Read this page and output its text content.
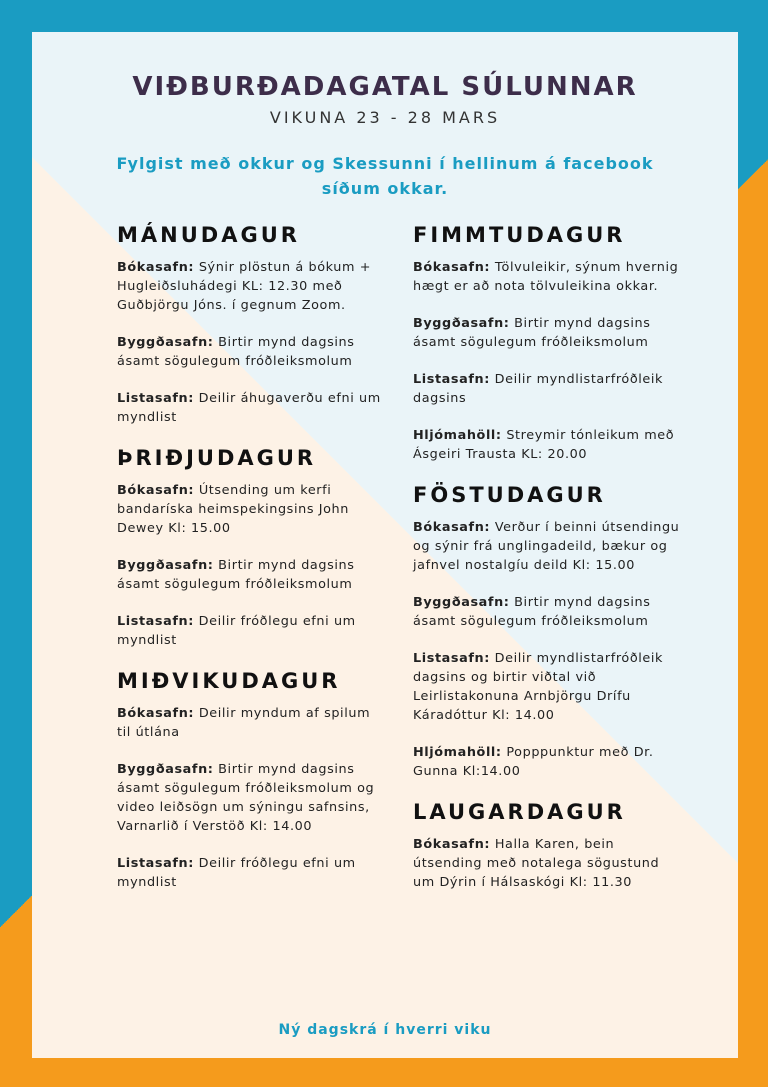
VIÐBURÐADAGATAL SÚLUNNAR

VIKUNA 23 - 28 MARS

Fylgist með okkur og Skessunni í hellinum á facebook síðum okkar.

MÁNUDAGUR

Bókasafn: Sýnir plöstun á bókum + Hugleiðsluhádegi KL: 12.30 með Guðbjörgu Jóns. í gegnum Zoom.

Byggðasafn: Birtir mynd dagsins ásamt sögulegum fróðleiksmolum

Listasafn: Deilir áhugaverðu efni um myndlist

ÞRIÐJUDAGUR

Bókasafn: Útsending um kerfi bandaríska heimspekingsins John Dewey Kl: 15.00

Byggðasafn: Birtir mynd dagsins ásamt sögulegum fróðleiksmolum

Listasafn: Deilir fróðlegu efni um myndlist

MIÐVIKUDAGUR

Bókasafn: Deilir myndum af spilum til útlána

Byggðasafn: Birtir mynd dagsins ásamt sögulegum fróðleiksmolum og video leiðsögn um sýningu safnsins, Varnarlið í Verstöð Kl: 14.00

Listasafn: Deilir fróðlegu efni um myndlist

FIMMTUDAGUR

Bókasafn: Tölvuleikir, sýnum hvernig hægt er að nota tölvuleikina okkar.

Byggðasafn: Birtir mynd dagsins ásamt sögulegum fróðleiksmolum

Listasafn: Deilir myndlistarfróðleik dagsins

Hljómahöll: Streymir tónleikum með Ásgeiri Trausta KL: 20.00

FÖSTUDAGUR

Bókasafn: Verður í beinni útsendingu og sýnir frá unglingadeild, bækur og jafnvel nostalgíu deild Kl: 15.00

Byggðasafn: Birtir mynd dagsins ásamt sögulegum fróðleiksmolum

Listasafn: Deilir myndlistarfróðleik dagsins og birtir viðtal við Leirlistakonuna Arnbjörgu Drífu Káradóttur Kl: 14.00

Hljómahöll: Popppunktur með Dr. Gunna Kl:14.00

LAUGARDAGUR

Bókasafn: Halla Karen, bein útsending með notalega sögustund um Dýrin í Hálsaskógi Kl: 11.30

Ný dagskrá í hverri viku
